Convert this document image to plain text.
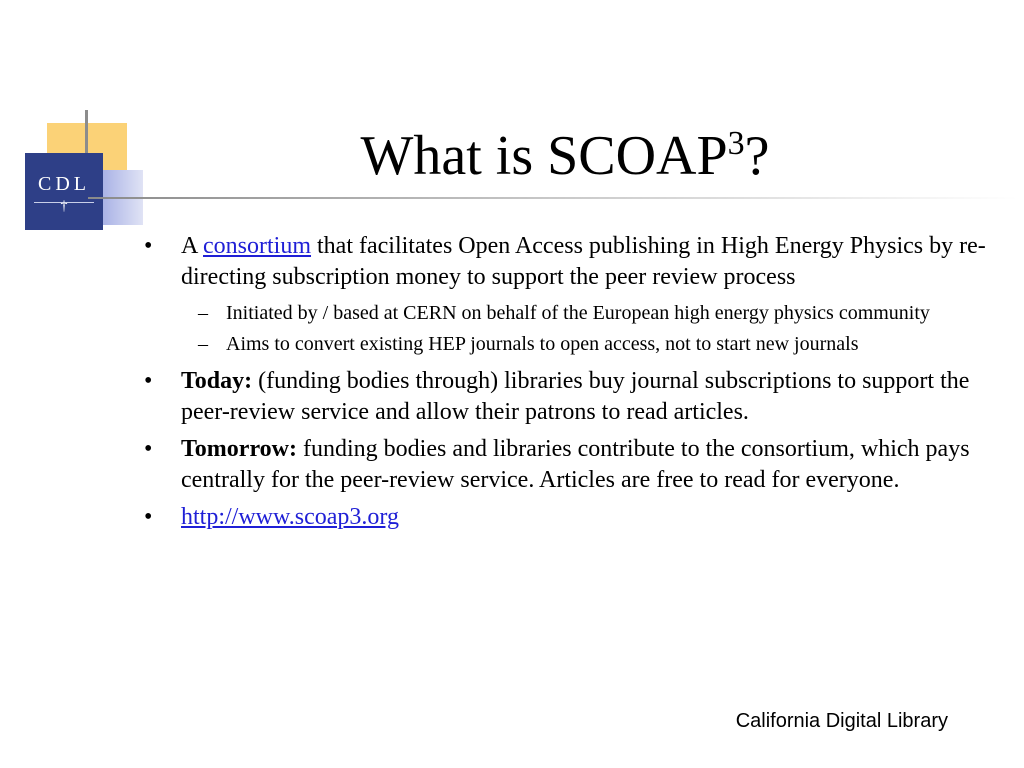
CDL
†
What is SCOAP$^3$?
• A consortium that facilitates Open Access publishing in High Energy Physics by re-directing subscription money to support the peer review process
– Initiated by / based at CERN on behalf of the European high energy physics community
– Aims to convert existing HEP journals to open access, not to start new journals
• Today: (funding bodies through) libraries buy journal subscriptions to support the peer-review service and allow their patrons to read articles.
• Tomorrow: funding bodies and libraries contribute to the consortium, which pays centrally for the peer-review service. Articles are free to read for everyone.
• http://www.scoap3.org
California Digital Library
